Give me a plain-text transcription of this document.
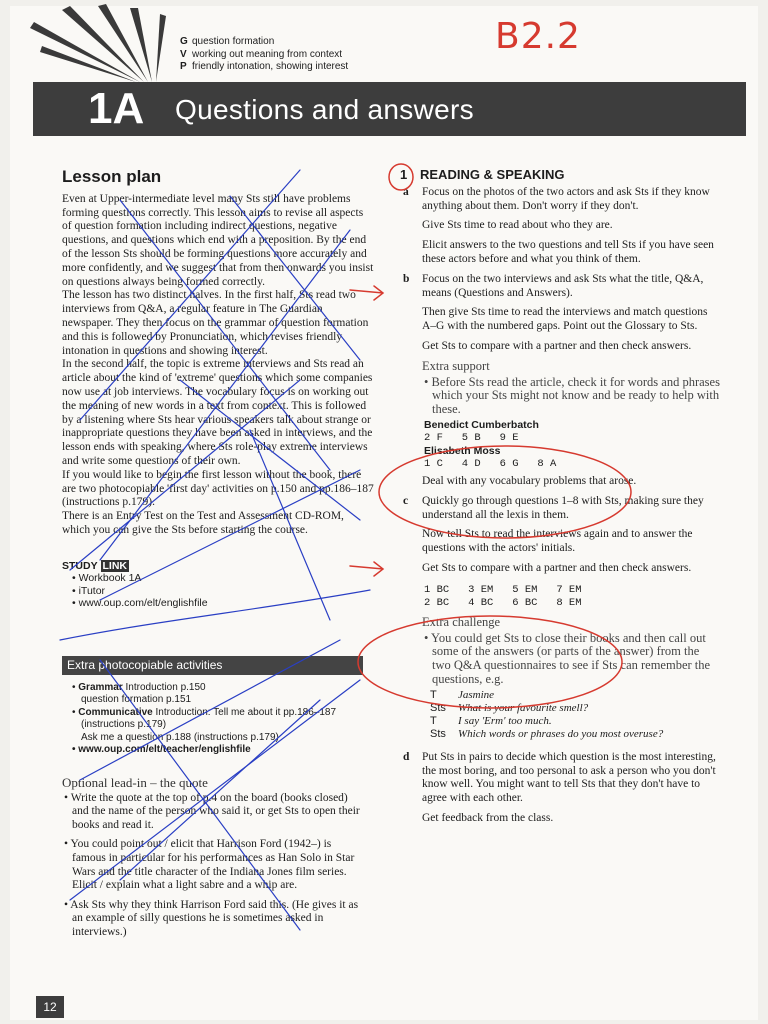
G question formation
V working out meaning from context
P friendly intonation, showing interest
B2.2
1A Questions and answers
Lesson plan

Even at Upper-intermediate level many Sts still have problems forming questions correctly. This lesson aims to revise all aspects of question formation including indirect questions, negative questions, and questions which end with a preposition. By the end of the lesson Sts should be forming questions more accurately and more confidently, and we suggest that from then onwards you insist on questions always being formed correctly.

The lesson has two distinct halves. In the first half, Sts read two interviews from Q&A, a regular feature in The Guardian newspaper. They then focus on the grammar of question formation and this is followed by Pronunciation, which revises friendly intonation in questions and showing interest.

In the second half, the topic is extreme interviews and Sts read an article about the kind of 'extreme' questions which some companies now use at job interviews. The vocabulary focus is on working out the meaning of new words in a text from context. This is followed by a listening where Sts hear various speakers talk about strange or inappropriate questions they have been asked in interviews, and the lesson ends with speaking, where Sts role-play extreme interviews and write some questions of their own.

If you would like to begin the first lesson without the book, there are two photocopiable 'first day' activities on p.150 and pp.186–187 (instructions p.179).

There is an Entry Test on the Test and Assessment CD-ROM, which you can give the Sts before starting the course.

STUDY LINK
• Workbook 1A
• iTutor
• www.oup.com/elt/englishfile
Extra photocopiable activities
• Grammar Introduction p.150
question formation p.151
• Communicative Introduction: Tell me about it pp.186–187
(instructions p.179)
Ask me a question p.188 (instructions p.179)
• www.oup.com/elt/teacher/englishfile
Optional lead-in – the quote
• Write the quote at the top of p.4 on the board (books closed) and the name of the person who said it, or get Sts to open their books and read it.
• You could point out / elicit that Harrison Ford (1942–) is famous in particular for his performances as Han Solo in Star Wars and the title character of the Indiana Jones film series. Elicit / explain what a light sabre and a whip are.
• Ask Sts why they think Harrison Ford said this. (He gives it as an example of silly questions he is sometimes asked in interviews.)
1 READING & SPEAKING
a Focus on the photos of the two actors and ask Sts if they know anything about them. Don't worry if they don't.
Give Sts time to read about who they are.
Elicit answers to the two questions and tell Sts if you have seen these actors before and what you think of them.
b Focus on the two interviews and ask Sts what the title, Q&A, means (Questions and Answers).
Then give Sts time to read the interviews and match questions A–G with the numbered gaps. Point out the Glossary to Sts.
Get Sts to compare with a partner and then check answers.
Extra support
• Before Sts read the article, check it for words and phrases which your Sts might not know and be ready to help with these.
Benedict Cumberbatch
2 F   5 B   9 E
Elisabeth Moss
1 C   4 D   6 G   8 A
Deal with any vocabulary problems that arose.
c Quickly go through questions 1–8 with Sts, making sure they understand all the lexis in them.
Now tell Sts to read the interviews again and to answer the questions with the actors' initials.
Get Sts to compare with a partner and then check answers.
1 BC   3 EM   5 EM   7 EM
2 BC   4 BC   6 BC   8 EM
Extra challenge
• You could get Sts to close their books and then call out some of the answers (or parts of the answer) from the two Q&A questionnaires to see if Sts can remember the questions, e.g.
T Jasmine
Sts What is your favourite smell?
T I say 'Erm' too much.
Sts Which words or phrases do you most overuse?
d Put Sts in pairs to decide which question is the most interesting, the most boring, and too personal to ask a person who you don't know well. You might want to tell Sts that they don't have to agree with each other.
Get feedback from the class.
12
